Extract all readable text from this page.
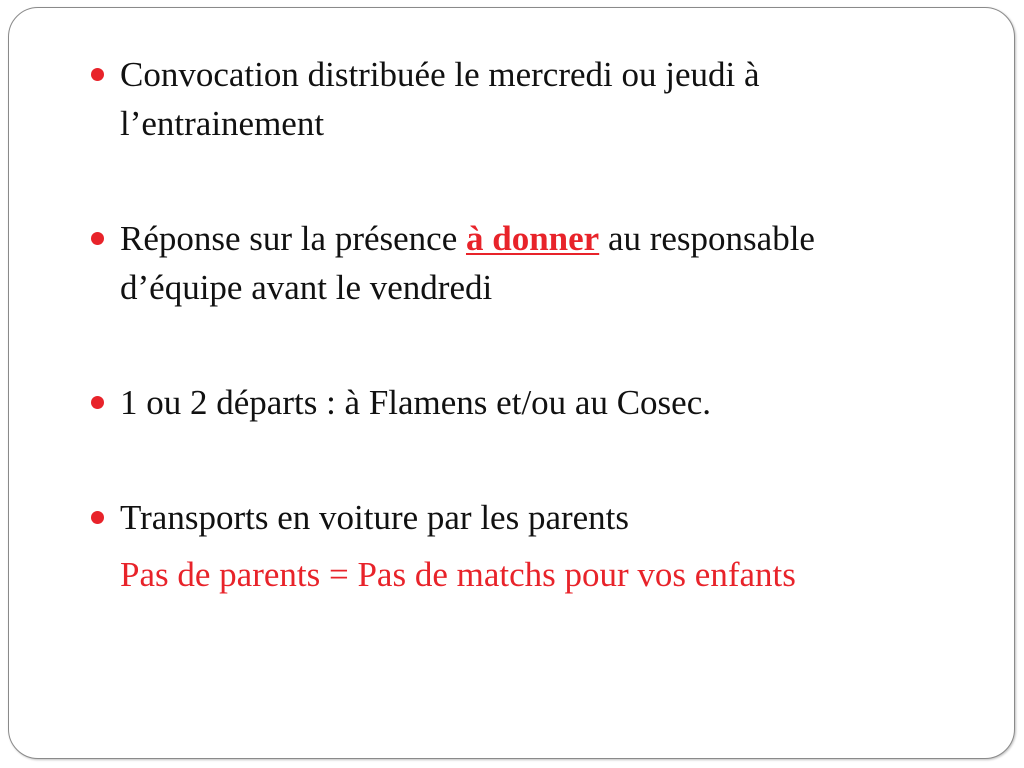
Convocation distribuée le mercredi ou jeudi à l’entrainement
Réponse sur la présence à donner au responsable d’équipe avant le vendredi
1 ou 2 départs : à Flamens et/ou au Cosec.
Transports en voiture par les parents
Pas de parents = Pas de matchs pour vos enfants
